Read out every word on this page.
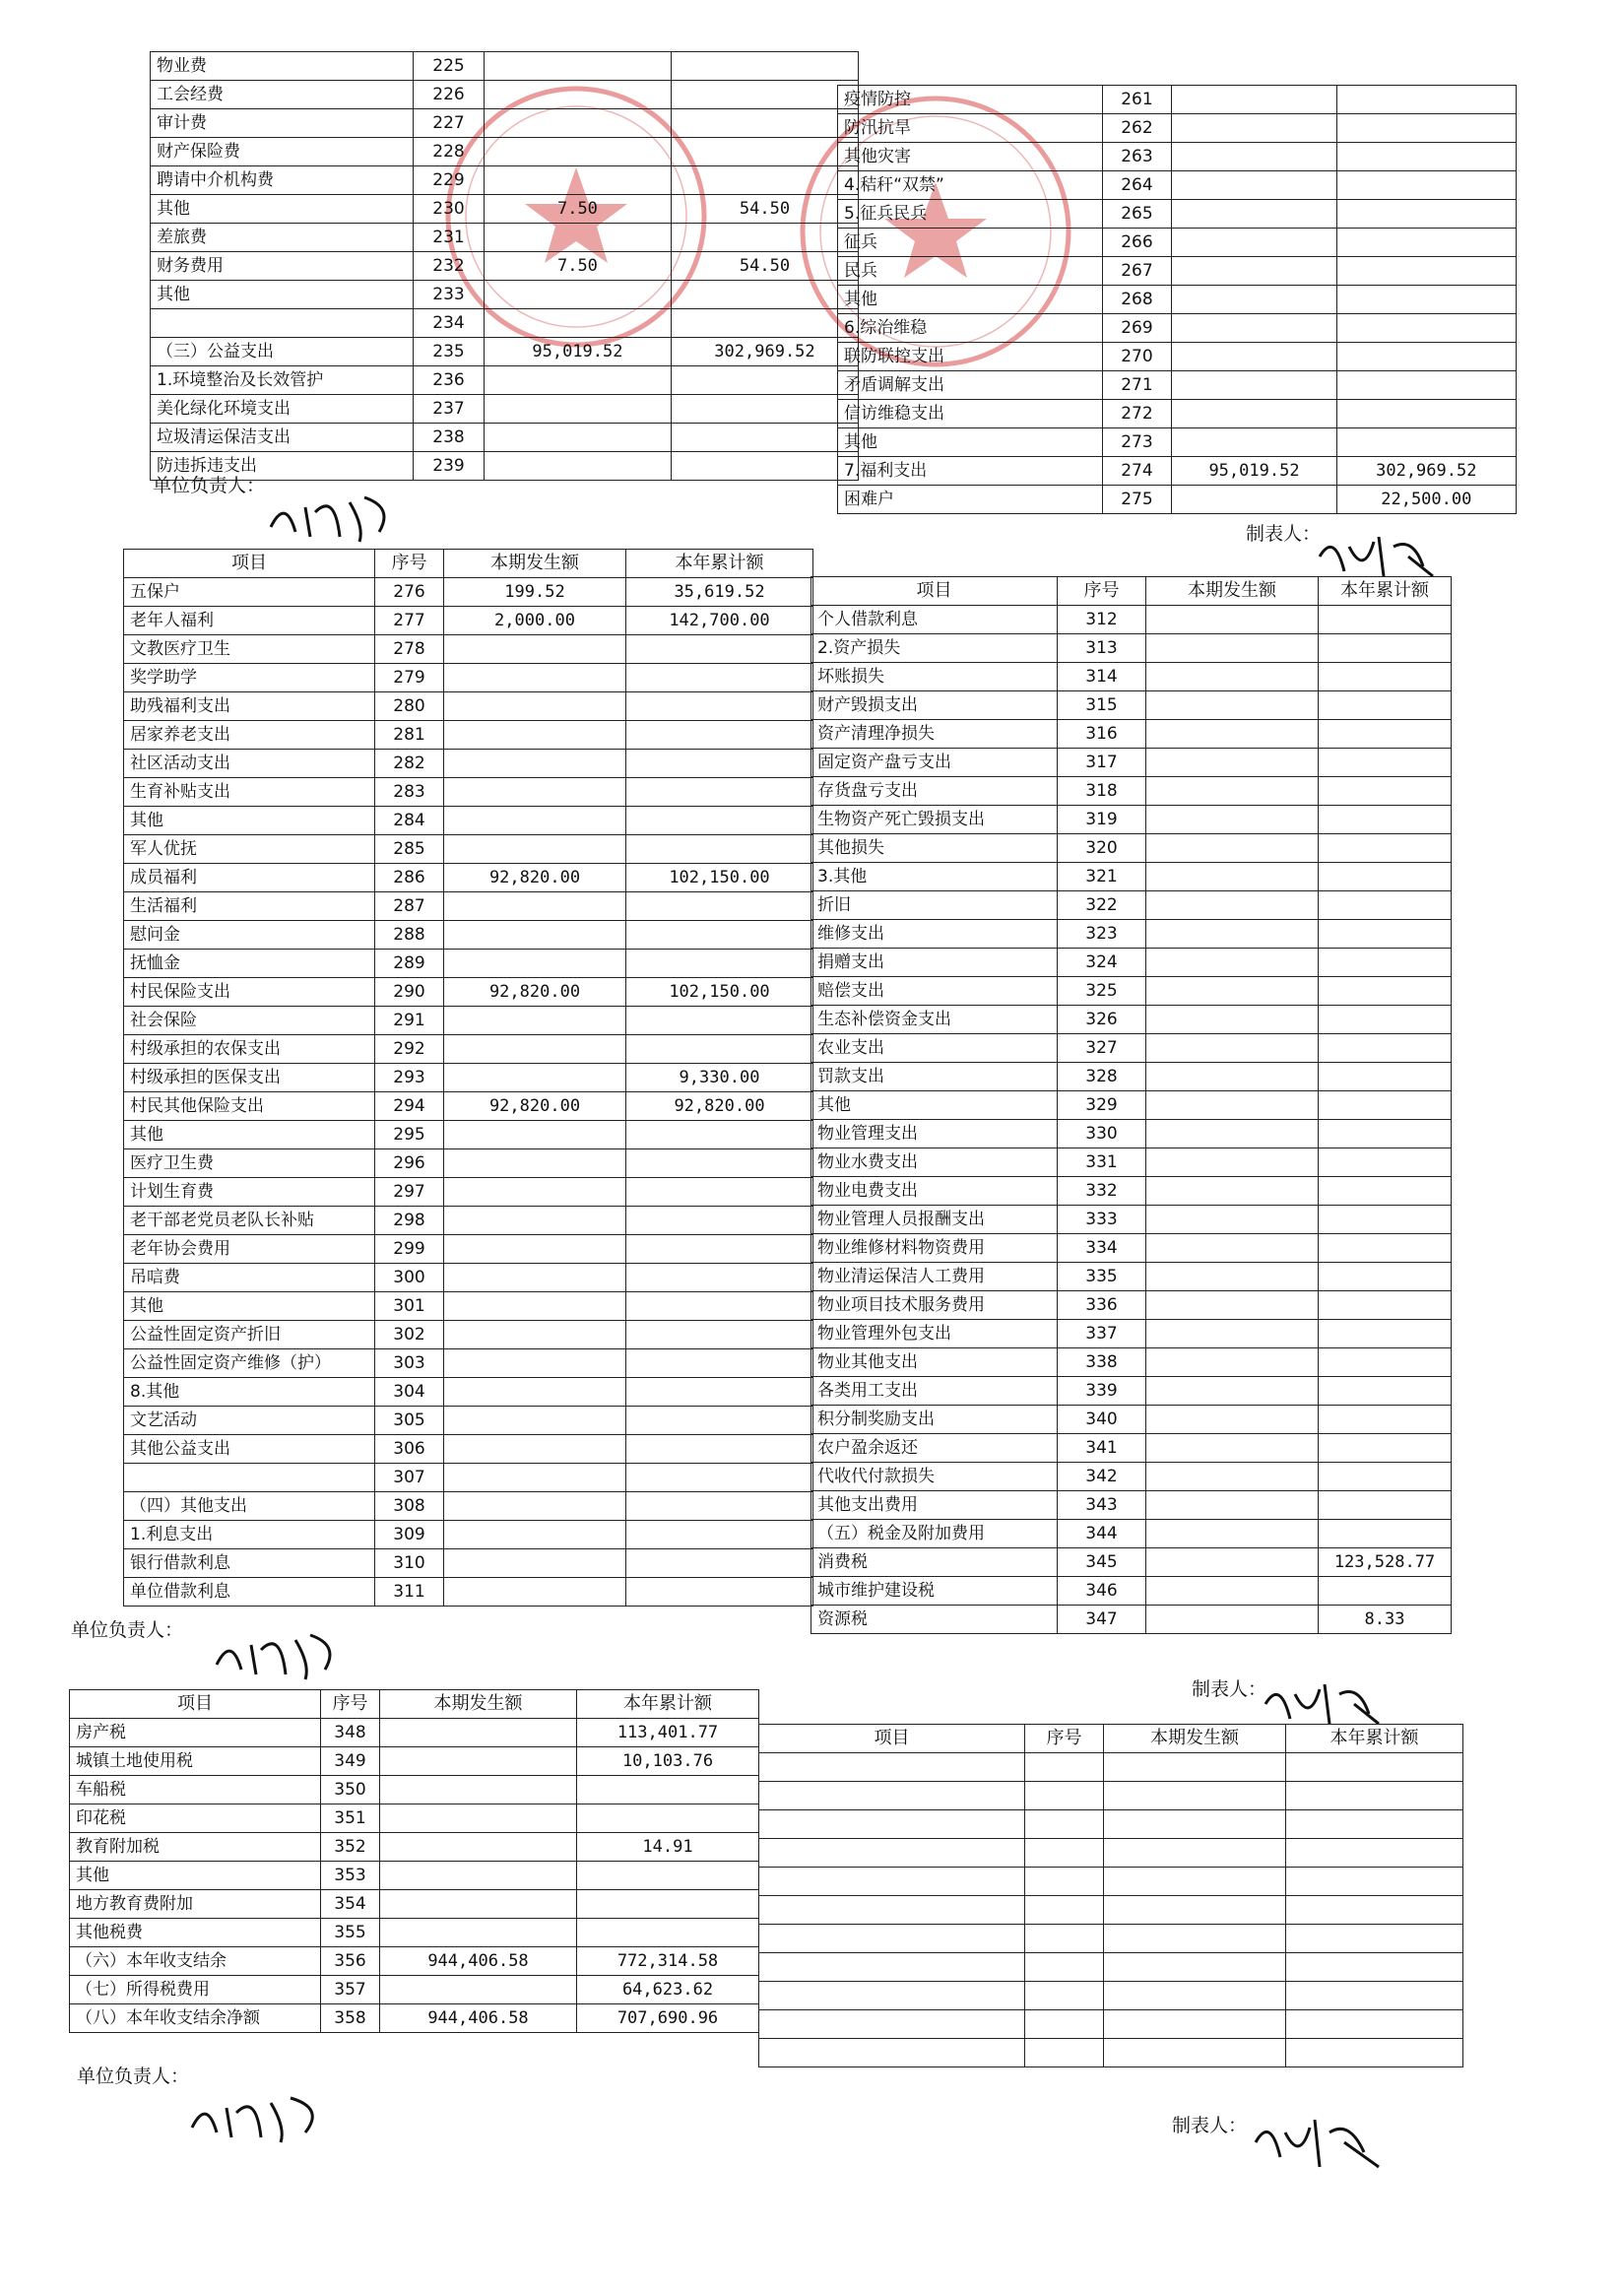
物业费	225		
工会经费	226		
审计费	227		
财产保险费	228		
聘请中介机构费	229		
其他	230	7.50	54.50
差旅费	231		
财务费用	232	7.50	54.50
其他	233		
	234		
（三）公益支出	235	95,019.52	302,969.52
1.环境整治及长效管护	236		
美化绿化环境支出	237		
垃圾清运保洁支出	238		
防违拆违支出	239		
疫情防控	261		
防汛抗旱	262		
其他灾害	263		
4.秸秆“双禁”	264		
5.征兵民兵	265		
征兵	266		
民兵	267		
其他	268		
6.综治维稳	269		
联防联控支出	270		
矛盾调解支出	271		
信访维稳支出	272		
其他	273		
7.福利支出	274	95,019.52	302,969.52
困难户	275		22,500.00
单位负责人：
制表人：
项目	序号	本期发生额	本年累计额
五保户	276	199.52	35,619.52
老年人福利	277	2,000.00	142,700.00
文教医疗卫生	278		
奖学助学	279		
助残福利支出	280		
居家养老支出	281		
社区活动支出	282		
生育补贴支出	283		
其他	284		
军人优抚	285		
成员福利	286	92,820.00	102,150.00
生活福利	287		
慰问金	288		
抚恤金	289		
村民保险支出	290	92,820.00	102,150.00
社会保险	291		
村级承担的农保支出	292		
村级承担的医保支出	293		9,330.00
村民其他保险支出	294	92,820.00	92,820.00
其他	295		
医疗卫生费	296		
计划生育费	297		
老干部老党员老队长补贴	298		
老年协会费用	299		
吊唁费	300		
其他	301		
公益性固定资产折旧	302		
公益性固定资产维修（护）	303		
8.其他	304		
文艺活动	305		
其他公益支出	306		
	307		
（四）其他支出	308		
1.利息支出	309		
银行借款利息	310		
单位借款利息	311		
项目	序号	本期发生额	本年累计额
个人借款利息	312		
2.资产损失	313		
坏账损失	314		
财产毁损支出	315		
资产清理净损失	316		
固定资产盘亏支出	317		
存货盘亏支出	318		
生物资产死亡毁损支出	319		
其他损失	320		
3.其他	321		
折旧	322		
维修支出	323		
捐赠支出	324		
赔偿支出	325		
生态补偿资金支出	326		
农业支出	327		
罚款支出	328		
其他	329		
物业管理支出	330		
物业水费支出	331		
物业电费支出	332		
物业管理人员报酬支出	333		
物业维修材料物资费用	334		
物业清运保洁人工费用	335		
物业项目技术服务费用	336		
物业管理外包支出	337		
物业其他支出	338		
各类用工支出	339		
积分制奖励支出	340		
农户盈余返还	341		
代收代付款损失	342		
其他支出费用	343		
（五）税金及附加费用	344		
消费税	345		123,528.77
城市维护建设税	346		
资源税	347		8.33
单位负责人：
制表人：
项目	序号	本期发生额	本年累计额
房产税	348		113,401.77
城镇土地使用税	349		10,103.76
车船税	350		
印花税	351		
教育附加税	352		14.91
其他	353		
地方教育费附加	354		
其他税费	355		
（六）本年收支结余	356	944,406.58	772,314.58
（七）所得税费用	357		64,623.62
（八）本年收支结余净额	358	944,406.58	707,690.96
项目	序号	本期发生额	本年累计额

单位负责人：
制表人：
